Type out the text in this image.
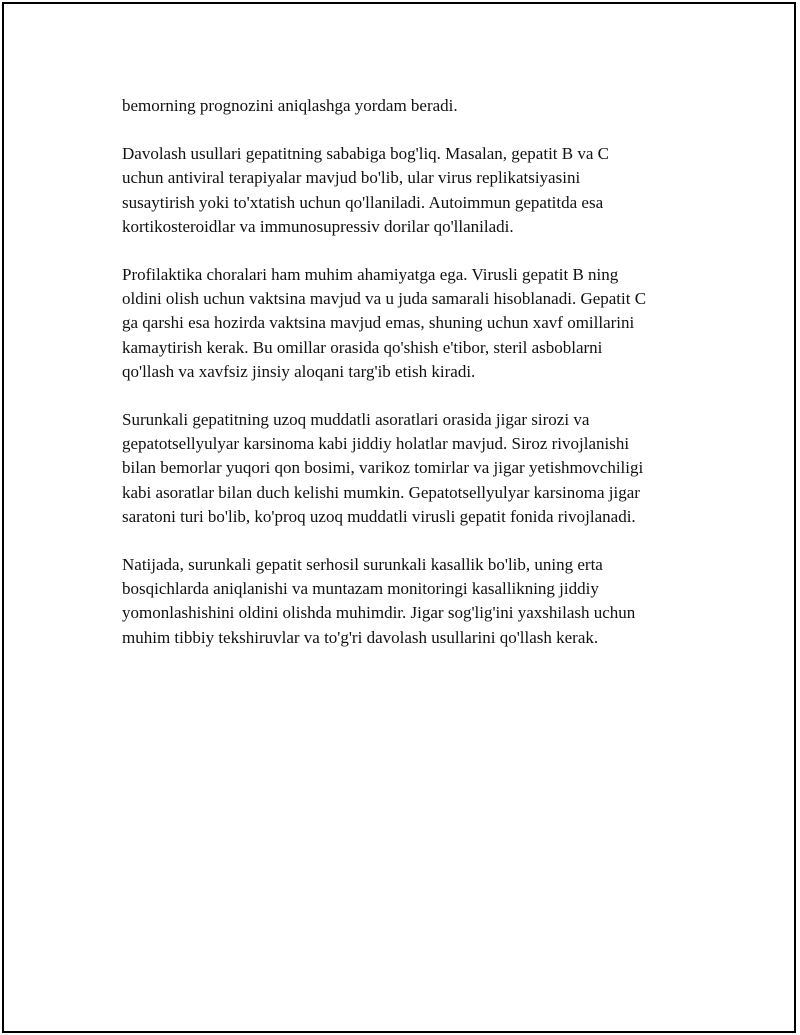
bemorning prognozini aniqlashga yordam beradi.

Davolash usullari gepatitning sababiga bog'liq. Masalan, gepatit B va C
uchun antiviral terapiyalar mavjud bo'lib, ular virus replikatsiyasini
susaytirish yoki to'xtatish uchun qo'llaniladi. Autoimmun gepatitda esa
kortikosteroidlar va immunosupressiv dorilar qo'llaniladi.

Profilaktika choralari ham muhim ahamiyatga ega. Virusli gepatit B ning
oldini olish uchun vaktsina mavjud va u juda samarali hisoblanadi. Gepatit C
ga qarshi esa hozirda vaktsina mavjud emas, shuning uchun xavf omillarini
kamaytirish kerak. Bu omillar orasida qo'shish e'tibor, steril asboblarni
qo'llash va xavfsiz jinsiy aloqani targ'ib etish kiradi.

Surunkali gepatitning uzoq muddatli asoratlari orasida jigar sirozi va
gepatotsellyulyar karsinoma kabi jiddiy holatlar mavjud. Siroz rivojlanishi
bilan bemorlar yuqori qon bosimi, varikoz tomirlar va jigar yetishmovchiligi
kabi asoratlar bilan duch kelishi mumkin. Gepatotsellyulyar karsinoma jigar
saratoni turi bo'lib, ko'proq uzoq muddatli virusli gepatit fonida rivojlanadi.

Natijada, surunkali gepatit serhosil surunkali kasallik bo'lib, uning erta
bosqichlarda aniqlanishi va muntazam monitoringi kasallikning jiddiy
yomonlashishini oldini olishda muhimdir. Jigar sog'lig'ini yaxshilash uchun
muhim tibbiy tekshiruvlar va to'g'ri davolash usullarini qo'llash kerak.
